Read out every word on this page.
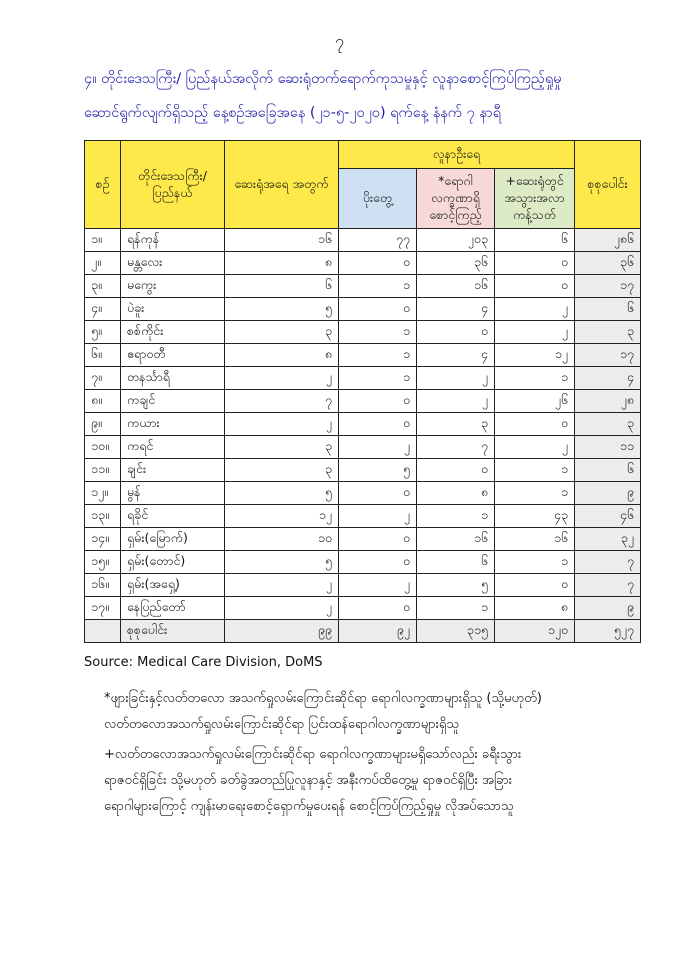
၇
၄။ တိုင်းဒေသကြီး/ ပြည်နယ်အလိုက် ဆေးရုံတက်ရောက်ကုသမှုနှင့် လူနာစောင့်ကြပ်ကြည့်ရှုမှု
ဆောင်ရွက်လျက်ရှိသည့် နေ့စဉ်အခြေအနေ (၂၁-၅-၂၀၂၀) ရက်နေ့ နံနက် ၇ နာရီ
စဉ်	တိုင်းဒေသကြီး/ ပြည်နယ်	ဆေးရုံအရေ အတွက်	လူနာဦးရေ			စုစုပေါင်း
			ပိုးတွေ့	*ရောဂါ လက္ခဏာရှိ စောင့်ကြည့်	+ဆေးရုံတွင် အသွားအလာ ကန့်သတ်	
၁။	ရန်ကုန်	၁၆	၇၇	၂၀၃	၆	၂၈၆
၂။	မန္တလေး	၈	၀	၃၆	၀	၃၆
၃။	မကွေး	၆	၁	၁၆	၀	၁၇
၄။	ပဲခူး	၅	၀	၄	၂	၆
၅။	စစ်ကိုင်း	၃	၁	၀	၂	၃
၆။	ဧရာဝတီ	၈	၁	၄	၁၂	၁၇
၇။	တနင်္သာရီ	၂	၁	၂	၁	၄
၈။	ကချင်	၇	၀	၂	၂၆	၂၈
၉။	ကယား	၂	၀	၃	၀	၃
၁၀။	ကရင်	၃	၂	၇	၂	၁၁
၁၁။	ချင်း	၃	၅	၀	၁	၆
၁၂။	မွန်	၅	၀	၈	၁	၉
၁၃။	ရခိုင်	၁၂	၂	၁	၄၃	၄၆
၁၄။	ရှမ်း(မြောက်)	၁၀	၀	၁၆	၁၆	၃၂
၁၅။	ရှမ်း(တောင်)	၅	၀	၆	၁	၇
၁၆။	ရှမ်း(အရှေ့)	၂	၂	၅	၀	၇
၁၇။	နေပြည်တော်	၂	၀	၁	၈	၉
	စုစုပေါင်း	၉၉	၉၂	၃၁၅	၁၂၀	၅၂၇
Source: Medical Care Division, DoMS
*ဖျားခြင်းနှင့်လတ်တလော အသက်ရှုလမ်းကြောင်းဆိုင်ရာ ရောဂါလက္ခဏာများရှိသူ (သို့မဟုတ်)
လတ်တလောအသက်ရှုလမ်းကြောင်းဆိုင်ရာ ပြင်းထန်ရောဂါလက္ခဏာများရှိသူ
+လတ်တလောအသက်ရှုလမ်းကြောင်းဆိုင်ရာ ရောဂါလက္ခဏာများမရှိသော်လည်း ခရီးသွား
ရာဇဝင်ရှိခြင်း သို့မဟုတ် ခတ်ခွဲအတည်ပြုလူနာနှင့် အနီးကပ်ထိတွေ့မှု ရာဇဝင်ရှိပြီး အခြား
ရောဂါများကြောင့် ကျန်းမာရေးစောင့်ရှောက်မှုပေးရန် စောင့်ကြပ်ကြည့်ရှုမှု လိုအပ်သောသူ
